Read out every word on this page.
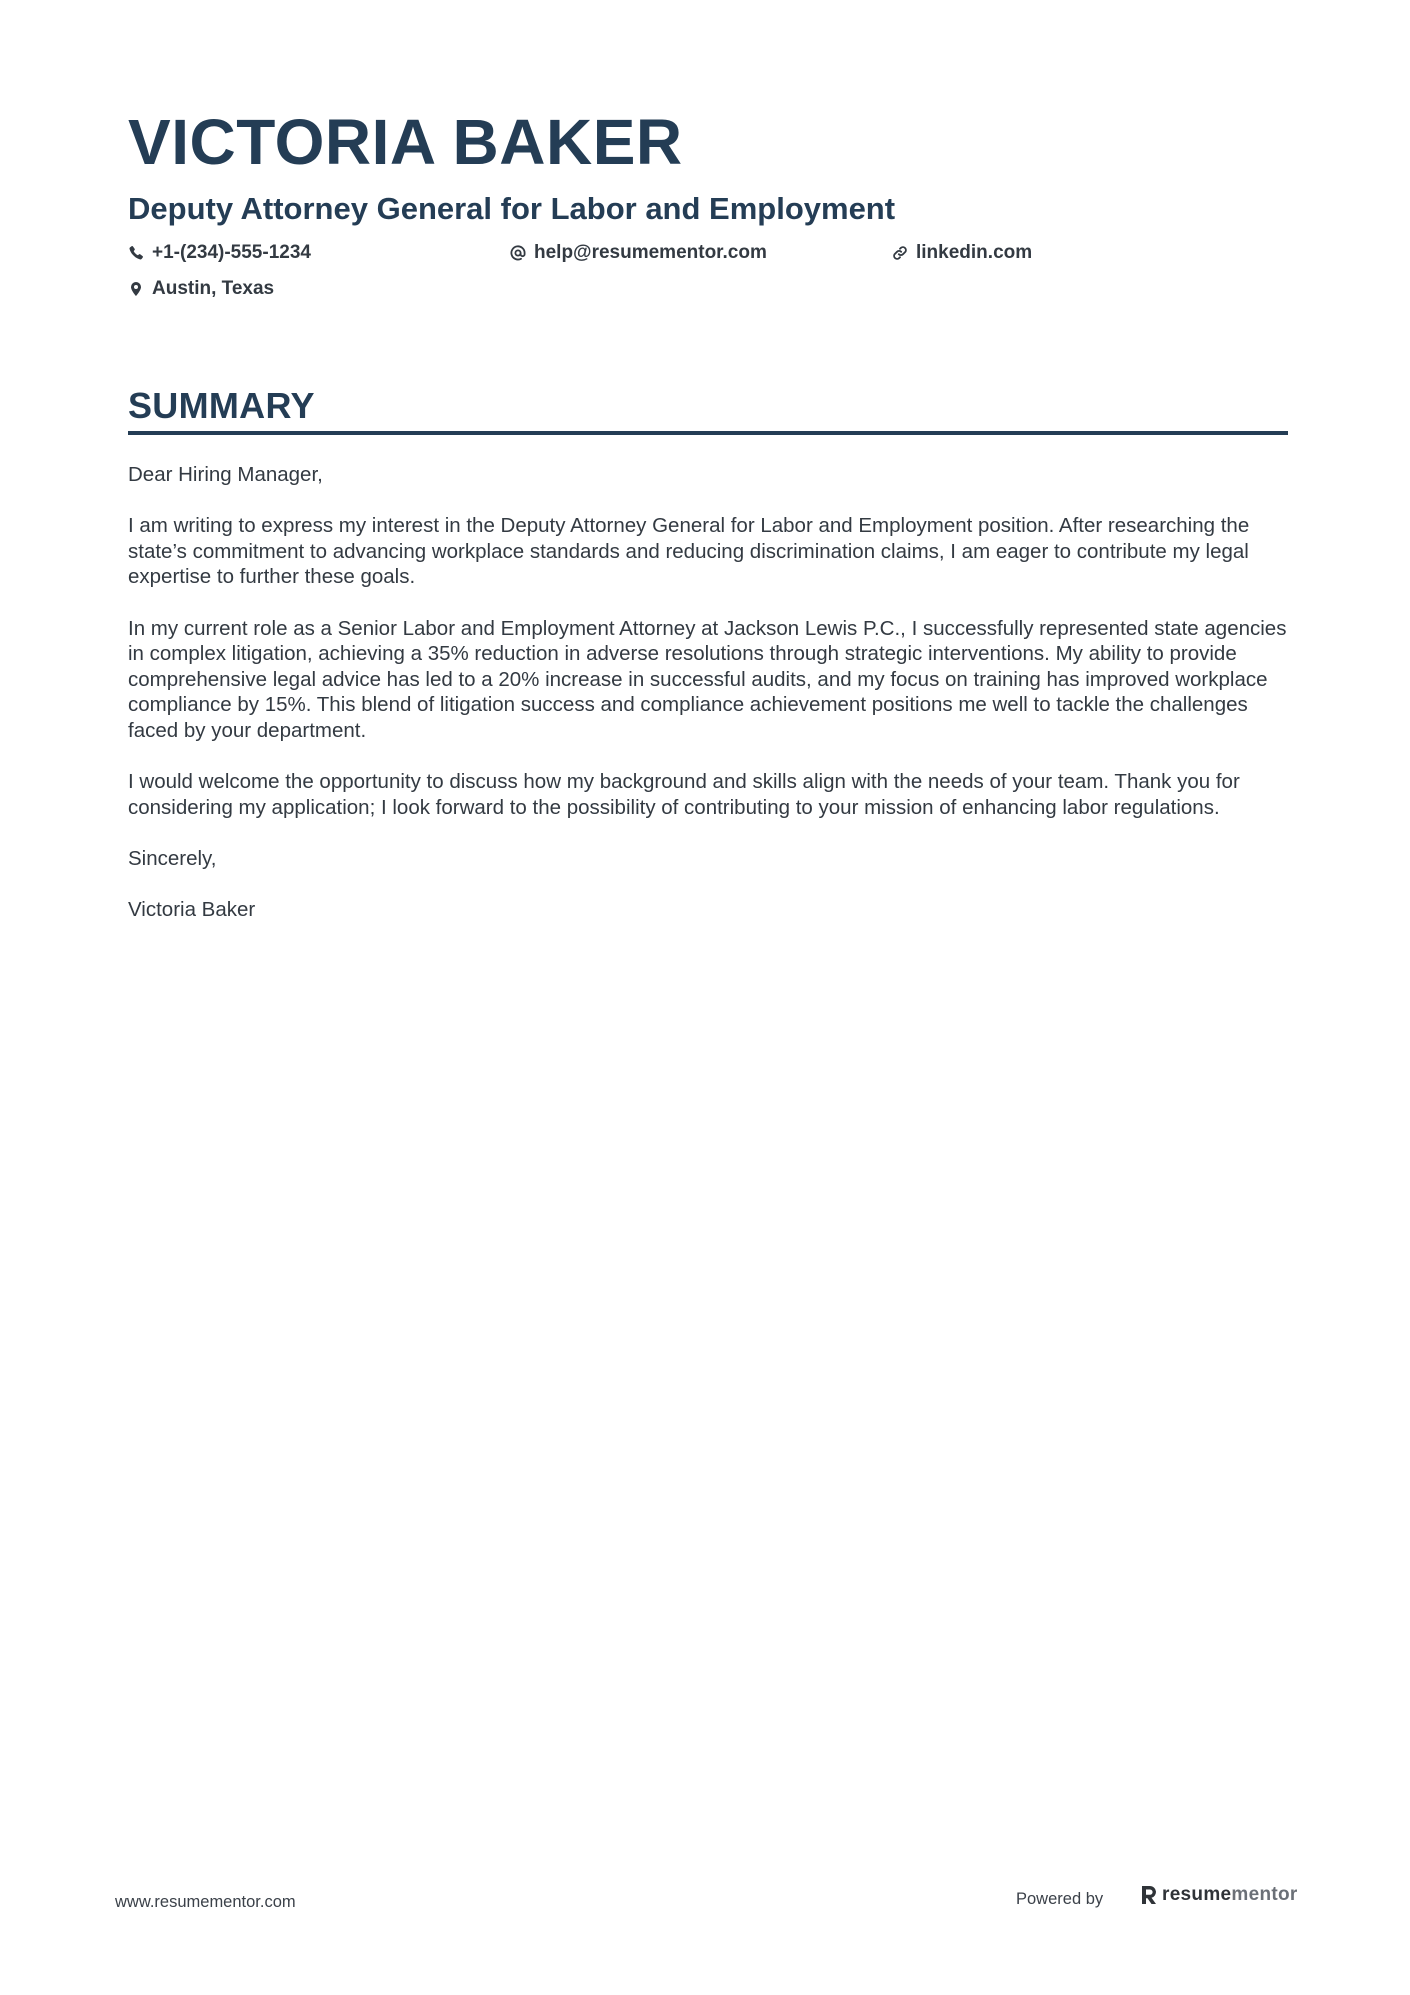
VICTORIA BAKER
Deputy Attorney General for Labor and Employment
+1-(234)-555-1234	help@resumementor.com	linkedin.com
Austin, Texas
SUMMARY

Dear Hiring Manager,

I am writing to express my interest in the Deputy Attorney General for Labor and Employment position. After researching the state’s commitment to advancing workplace standards and reducing discrimination claims, I am eager to contribute my legal expertise to further these goals.

In my current role as a Senior Labor and Employment Attorney at Jackson Lewis P.C., I successfully represented state agencies in complex litigation, achieving a 35% reduction in adverse resolutions through strategic interventions. My ability to provide comprehensive legal advice has led to a 20% increase in successful audits, and my focus on training has improved workplace compliance by 15%. This blend of litigation success and compliance achievement positions me well to tackle the challenges faced by your department.

I would welcome the opportunity to discuss how my background and skills align with the needs of your team. Thank you for considering my application; I look forward to the possibility of contributing to your mission of enhancing labor regulations.

Sincerely,

Victoria Baker

www.resumementor.com	Powered by	resumementor
